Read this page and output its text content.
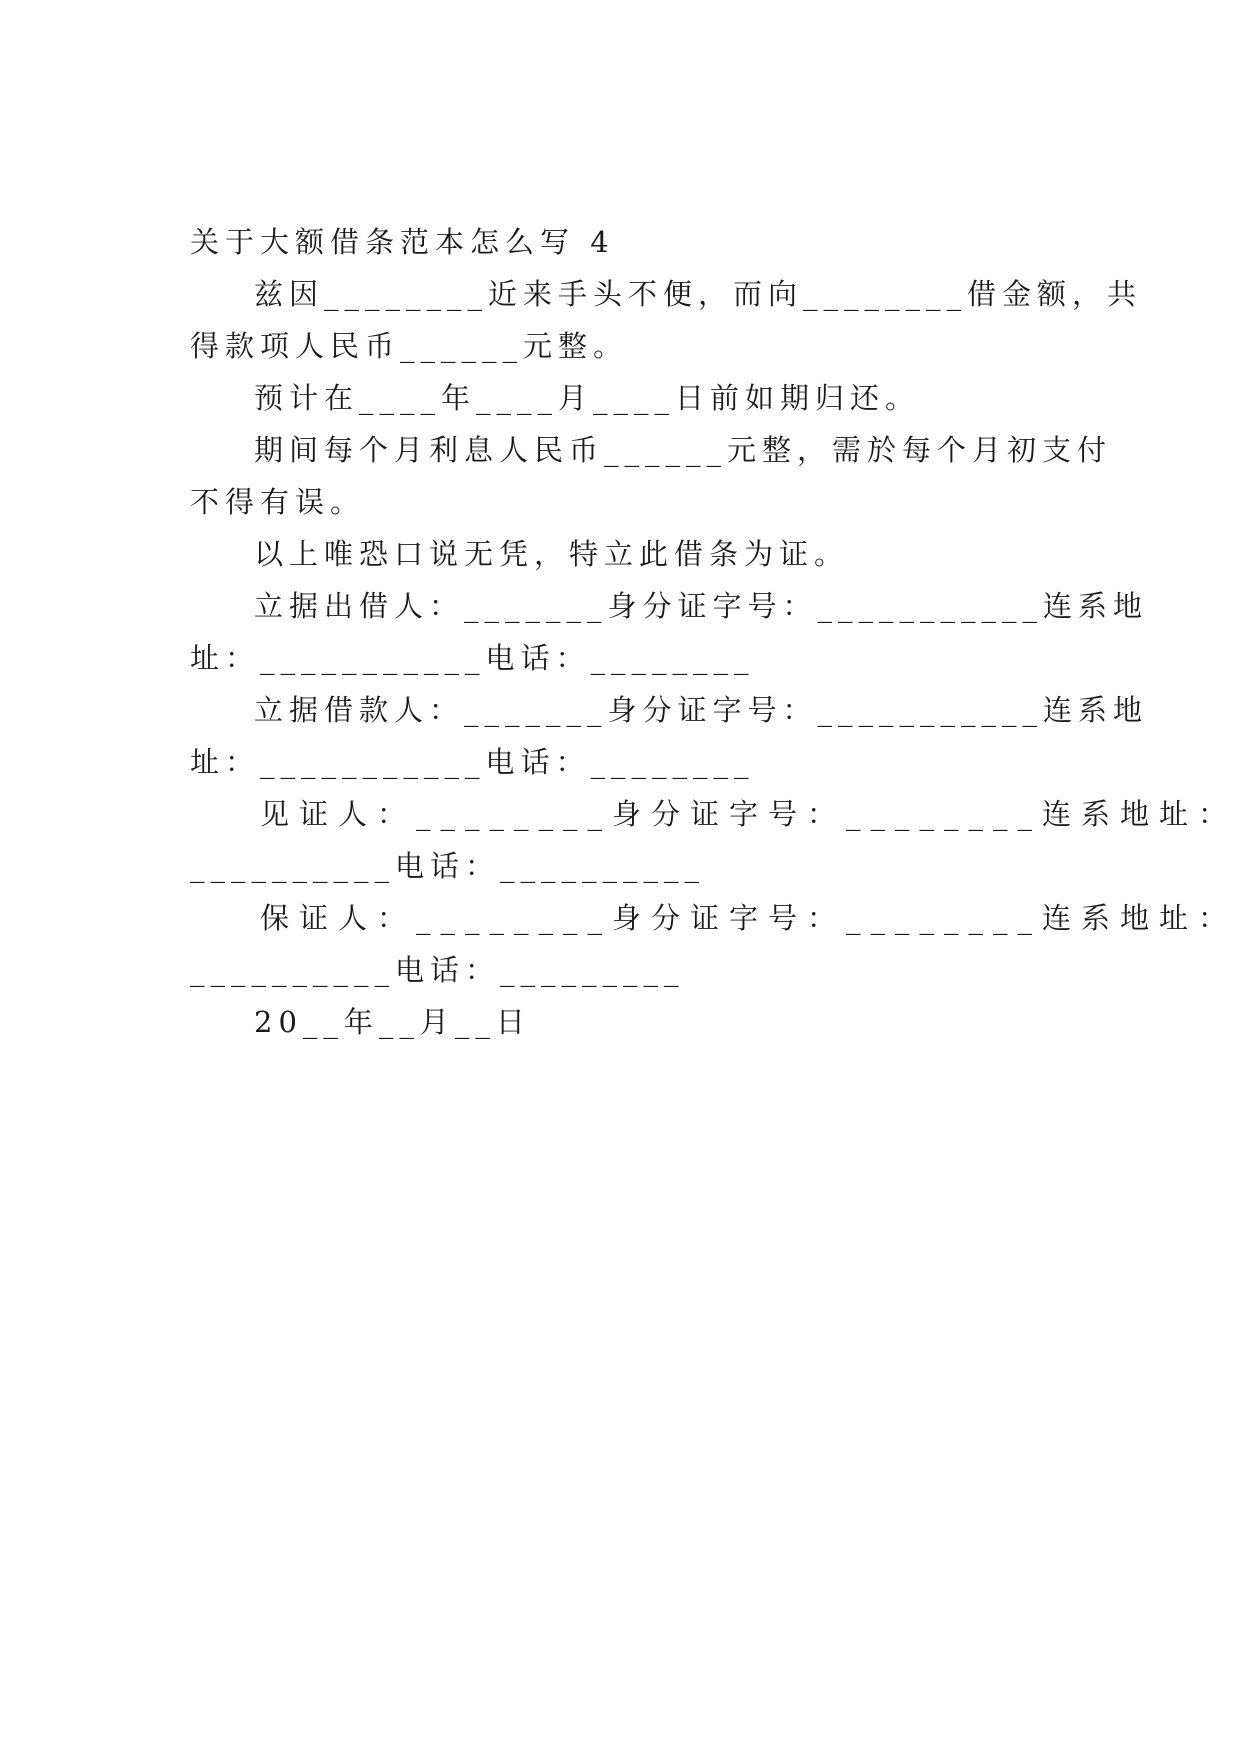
关于大额借条范本怎么写 4
兹因________近来手头不便，而向________借金额，共
得款项人民币______元整。
预计在____年____月____日前如期归还。
期间每个月利息人民币______元整，需於每个月初支付
不得有误。
以上唯恐口说无凭，特立此借条为证。
立据出借人：_______身分证字号：___________连系地
址：___________电话：________
立据借款人：_______身分证字号：___________连系地
址：___________电话：________
见证人：________身分证字号：________连系地址：
__________电话：__________
保证人：________身分证字号：________连系地址：
__________电话：_________
20__年__月__日
